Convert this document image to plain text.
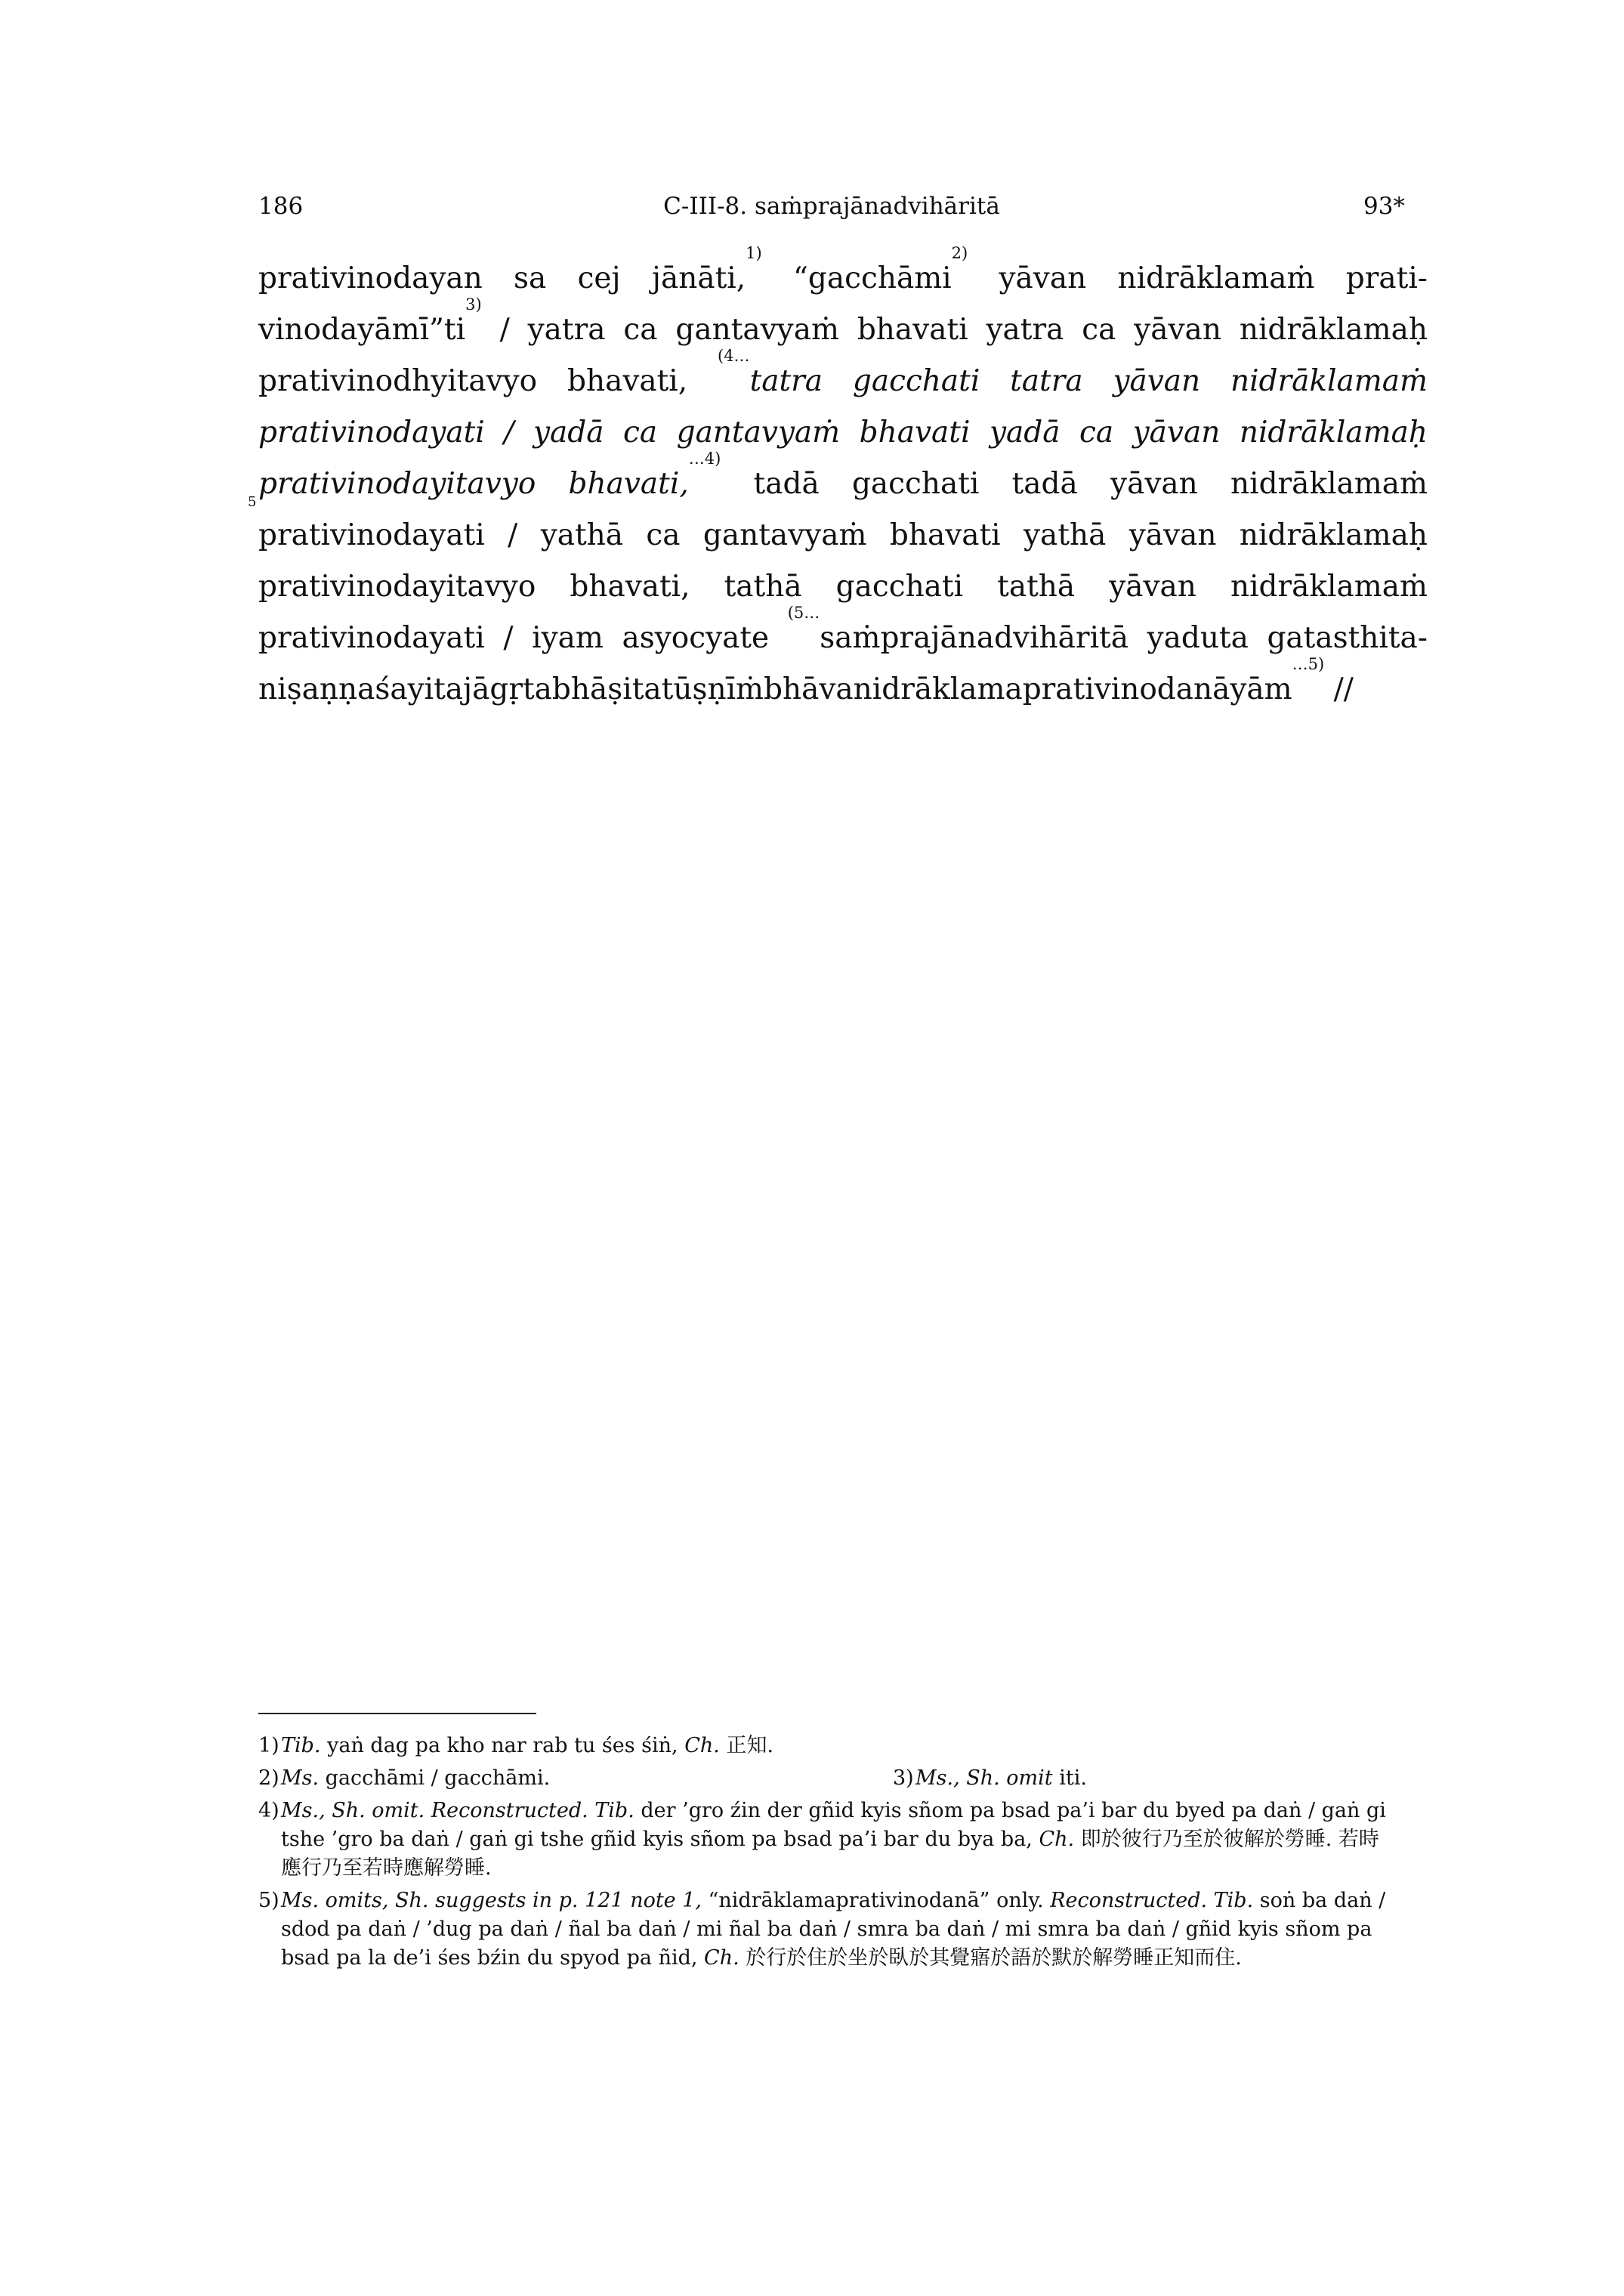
186	C-III-8. saṁprajānadvihāritā	93*
prativinodayan sa cej jānāti,$^{1)}$ “gacchāmi$^{2)}$ yāvan nidrāklamaṁ prati-
$vinodayāmī”ti^{3)}$ / yatra ca gantavyaṁ bhavati yatra ca yāvan nidrāklamaḥ
prativinodhyitavyo bhavati, $^{(4\dots}$tatra gacchati tatra yāvan nidrāklamaṁ
prativinodayati / yadā ca gantavyaṁ bhavati yadā ca yāvan nidrāklamaḥ
5
prativinodayitavyo bhavati,$^{\dots 4)}$ tadā gacchati tadā yāvan nidrāklamaṁ
prativinodayati / yathā ca gantavyaṁ bhavati yathā yāvan nidrāklamaḥ
prativinodayitavyo bhavati, tathā gacchati tathā yāvan nidrāklamaṁ
prativinodayati / iyam asyocyate $^{(5\dots}$saṁprajānadvihāritā yaduta gatasthita-
niṣaṇṇaśayitajāgṛtabhāṣitatūṣṇīṁbhāvanidrāklamaprativinodanāyām$^{\dots 5)}$ //
1) Tib. yaṅ dag pa kho nar rab tu śes śiṅ, Ch. 正知.
2) Ms. gacchāmi / gacchāmi.	3) Ms., Sh. omit iti.
4) Ms., Sh. omit. Reconstructed. Tib. der ’gro źin der gñid kyis sñom pa bsad pa’i bar du byed pa daṅ / gaṅ gi tshe ’gro ba daṅ / gaṅ gi tshe gñid kyis sñom pa bsad pa’i bar du bya ba, Ch. 即於彼行乃至於彼解於勞睡. 若時應行乃至若時應解勞睡.
5) Ms. omits, Sh. suggests in p. 121 note 1, “nidrāklamaprativinodanā” only. Reconstructed. Tib. soṅ ba daṅ / sdod pa daṅ / ’dug pa daṅ / ñal ba daṅ / mi ñal ba daṅ / smra ba daṅ / mi smra ba daṅ / gñid kyis sñom pa bsad pa la de’i śes bźin du spyod pa ñid, Ch. 於行於住於坐於臥於其覺寤於語於默於解勞睡正知而住.
